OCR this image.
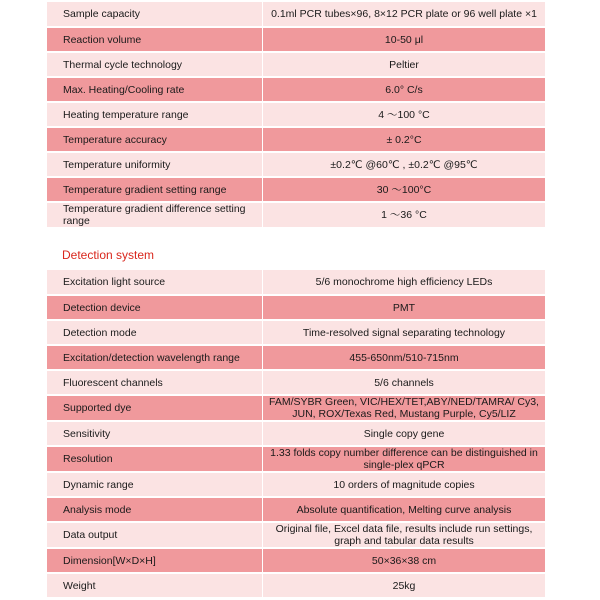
Sample capacity	0.1ml PCR tubes×96, 8×12 PCR plate or 96 well plate ×1
Reaction volume	10-50 μl
Thermal cycle technology	Peltier
Max. Heating/Cooling rate	6.0° C/s
Heating temperature range	4 ～100 °C
Temperature accuracy	± 0.2°C
Temperature uniformity	±0.2℃ @60℃ , ±0.2℃ @95℃
Temperature gradient setting range	30 ～100°C
Temperature gradient difference setting range	1 ～36 °C
Detection system
Excitation light source	5/6 monochrome high efficiency LEDs
Detection device	PMT
Detection mode	Time-resolved signal separating technology
Excitation/detection wavelength range	455-650nm/510-715nm
Fluorescent channels	5/6 channels
Supported dye	FAM/SYBR Green, VIC/HEX/TET,ABY/NED/TAMRA/ Cy3, JUN, ROX/Texas Red, Mustang Purple, Cy5/LIZ
Sensitivity	Single copy gene
Resolution	1.33 folds copy number difference can be distinguished in single-plex qPCR
Dynamic range	10 orders of magnitude copies
Analysis mode	Absolute quantification, Melting curve analysis
Data output	Original file, Excel data file, results include run settings, graph and tabular data results
Dimension[W×D×H]	50×36×38 cm
Weight	25kg
